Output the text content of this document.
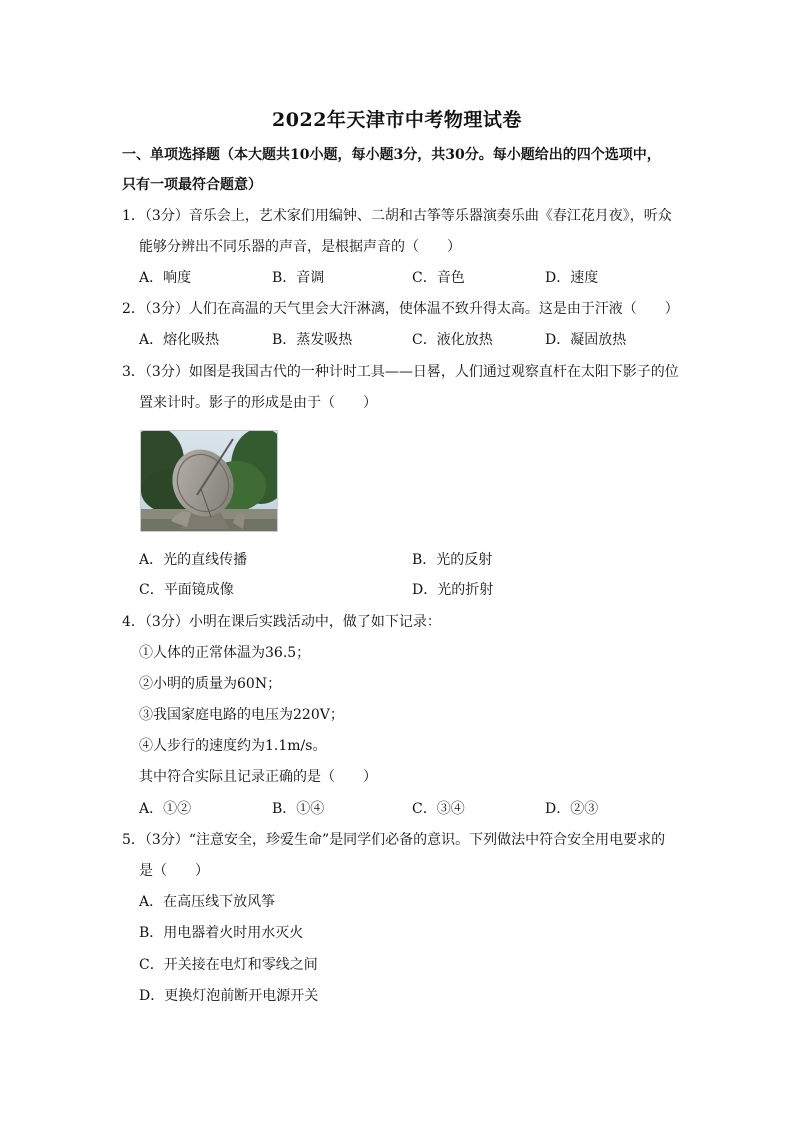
2022年天津市中考物理试卷
一、单项选择题（本大题共10小题，每小题3分，共30分。每小题给出的四个选项中，
只有一项最符合题意）
1．（3分）音乐会上，艺术家们用编钟、二胡和古筝等乐器演奏乐曲《春江花月夜》，听众
能够分辨出不同乐器的声音，是根据声音的（　　）
A．响度	B．音调	C．音色	D．速度
2．（3分）人们在高温的天气里会大汗淋漓，使体温不致升得太高。这是由于汗液（　　）
A．熔化吸热	B．蒸发吸热	C．液化放热	D．凝固放热
3．（3分）如图是我国古代的一种计时工具——日晷，人们通过观察直杆在太阳下影子的位
置来计时。影子的形成是由于（　　）
A．光的直线传播	B．光的反射
C．平面镜成像	D．光的折射
4．（3分）小明在课后实践活动中，做了如下记录：
①人体的正常体温为36.5；
②小明的质量为60N；
③我国家庭电路的电压为220V；
④人步行的速度约为1.1m/s。
其中符合实际且记录正确的是（　　）
A．①②	B．①④	C．③④	D．②③
5．（3分）“注意安全，珍爱生命”是同学们必备的意识。下列做法中符合安全用电要求的
是（　　）
A．在高压线下放风筝
B．用电器着火时用水灭火
C．开关接在电灯和零线之间
D．更换灯泡前断开电源开关
